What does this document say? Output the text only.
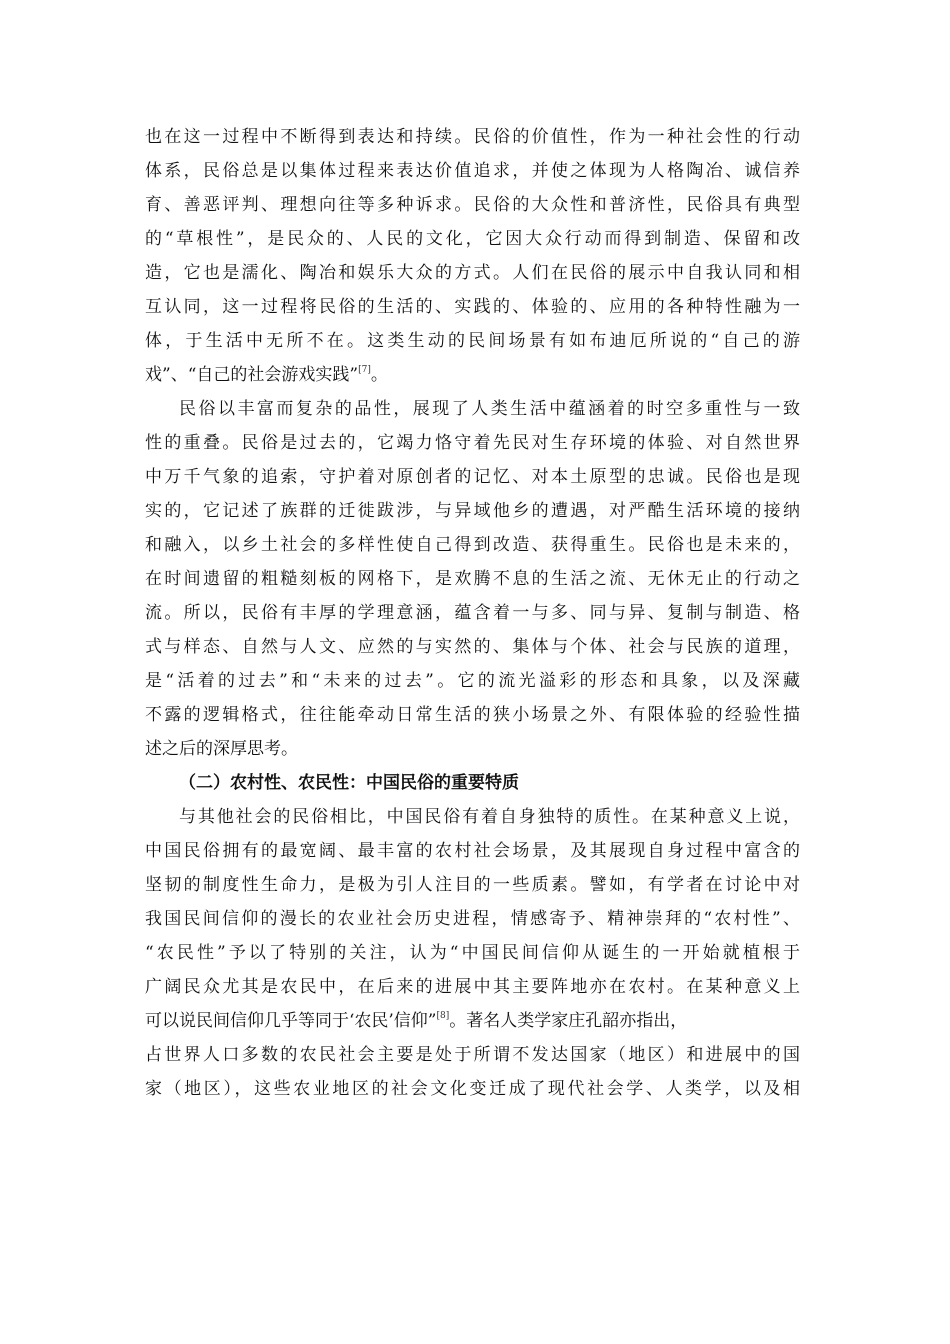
也在这一过程中不断得到表达和持续。民俗的价值性，作为一种社会性的行动
体系，民俗总是以集体过程来表达价值追求，并使之体现为人格陶冶、诚信养
育、善恶评判、理想向往等多种诉求。民俗的大众性和普济性，民俗具有典型
的“草根性”，是民众的、人民的文化，它因大众行动而得到制造、保留和改
造，它也是濡化、陶冶和娱乐大众的方式。人们在民俗的展示中自我认同和相
互认同，这一过程将民俗的生活的、实践的、体验的、应用的各种特性融为一
体，于生活中无所不在。这类生动的民间场景有如布迪厄所说的“自己的游
戏”、“自己的社会游戏实践”[7]。
民俗以丰富而复杂的品性，展现了人类生活中蕴涵着的时空多重性与一致
性的重叠。民俗是过去的，它竭力恪守着先民对生存环境的体验、对自然世界
中万千气象的追索，守护着对原创者的记忆、对本土原型的忠诚。民俗也是现
实的，它记述了族群的迁徙跋涉，与异域他乡的遭遇，对严酷生活环境的接纳
和融入，以乡土社会的多样性使自己得到改造、获得重生。民俗也是未来的，
在时间遗留的粗糙刻板的网格下，是欢腾不息的生活之流、无休无止的行动之
流。所以，民俗有丰厚的学理意涵，蕴含着一与多、同与异、复制与制造、格
式与样态、自然与人文、应然的与实然的、集体与个体、社会与民族的道理，
是“活着的过去”和“未来的过去”。它的流光溢彩的形态和具象，以及深藏
不露的逻辑格式，往往能牵动日常生活的狭小场景之外、有限体验的经验性描
述之后的深厚思考。
（二）农村性、农民性：中国民俗的重要特质
与其他社会的民俗相比，中国民俗有着自身独特的质性。在某种意义上说，
中国民俗拥有的最宽阔、最丰富的农村社会场景，及其展现自身过程中富含的
坚韧的制度性生命力，是极为引人注目的一些质素。譬如，有学者在讨论中对
我国民间信仰的漫长的农业社会历史进程，情感寄予、精神崇拜的“农村性”、
“农民性”予以了特别的关注，认为“中国民间信仰从诞生的一开始就植根于
广阔民众尤其是农民中，在后来的进展中其主要阵地亦在农村。在某种意义上
可以说民间信仰几乎等同于‘农民’信仰”[8]。著名人类学家庄孔韶亦指出，
占世界人口多数的农民社会主要是处于所谓不发达国家（地区）和进展中的国
家（地区），这些农业地区的社会文化变迁成了现代社会学、人类学，以及相
